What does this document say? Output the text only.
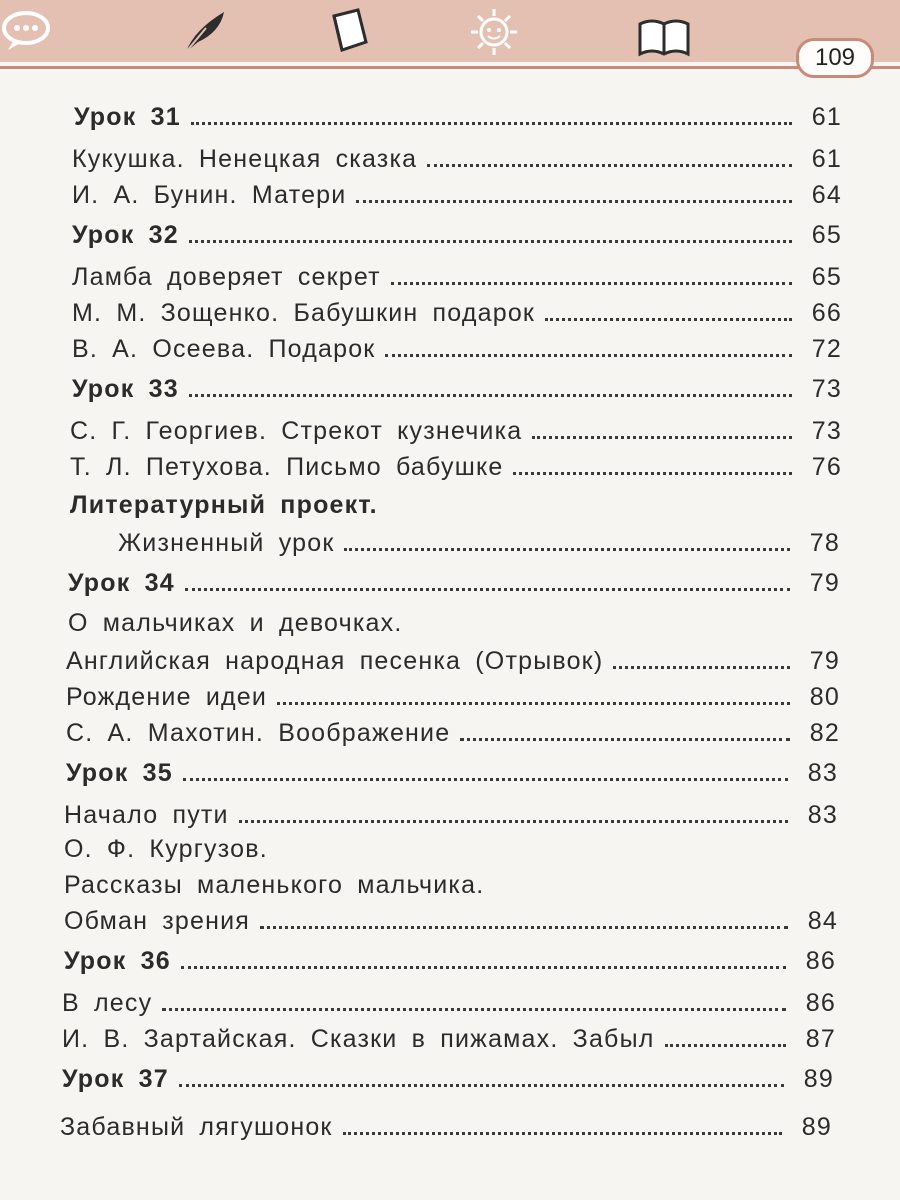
109
Урок 31	61
Кукушка. Ненецкая сказка	61
И. А. Бунин. Матери	64
Урок 32	65
Ламба доверяет секрет	65
М. М. Зощенко. Бабушкин подарок	66
В. А. Осеева. Подарок	72
Урок 33	73
С. Г. Георгиев. Стрекот кузнечика	73
Т. Л. Петухова. Письмо бабушке	76
Литературный проект.
Жизненный урок	78
Урок 34	79
О мальчиках и девочках.
Английская народная песенка (Отрывок)	79
Рождение идеи	80
С. А. Махотин. Воображение	82
Урок 35	83
Начало пути	83
О. Ф. Кургузов.
Рассказы маленького мальчика.
Обман зрения	84
Урок 36	86
В лесу	86
И. В. Зартайская. Сказки в пижамах. Забыл	87
Урок 37	89
Забавный лягушонок	89
